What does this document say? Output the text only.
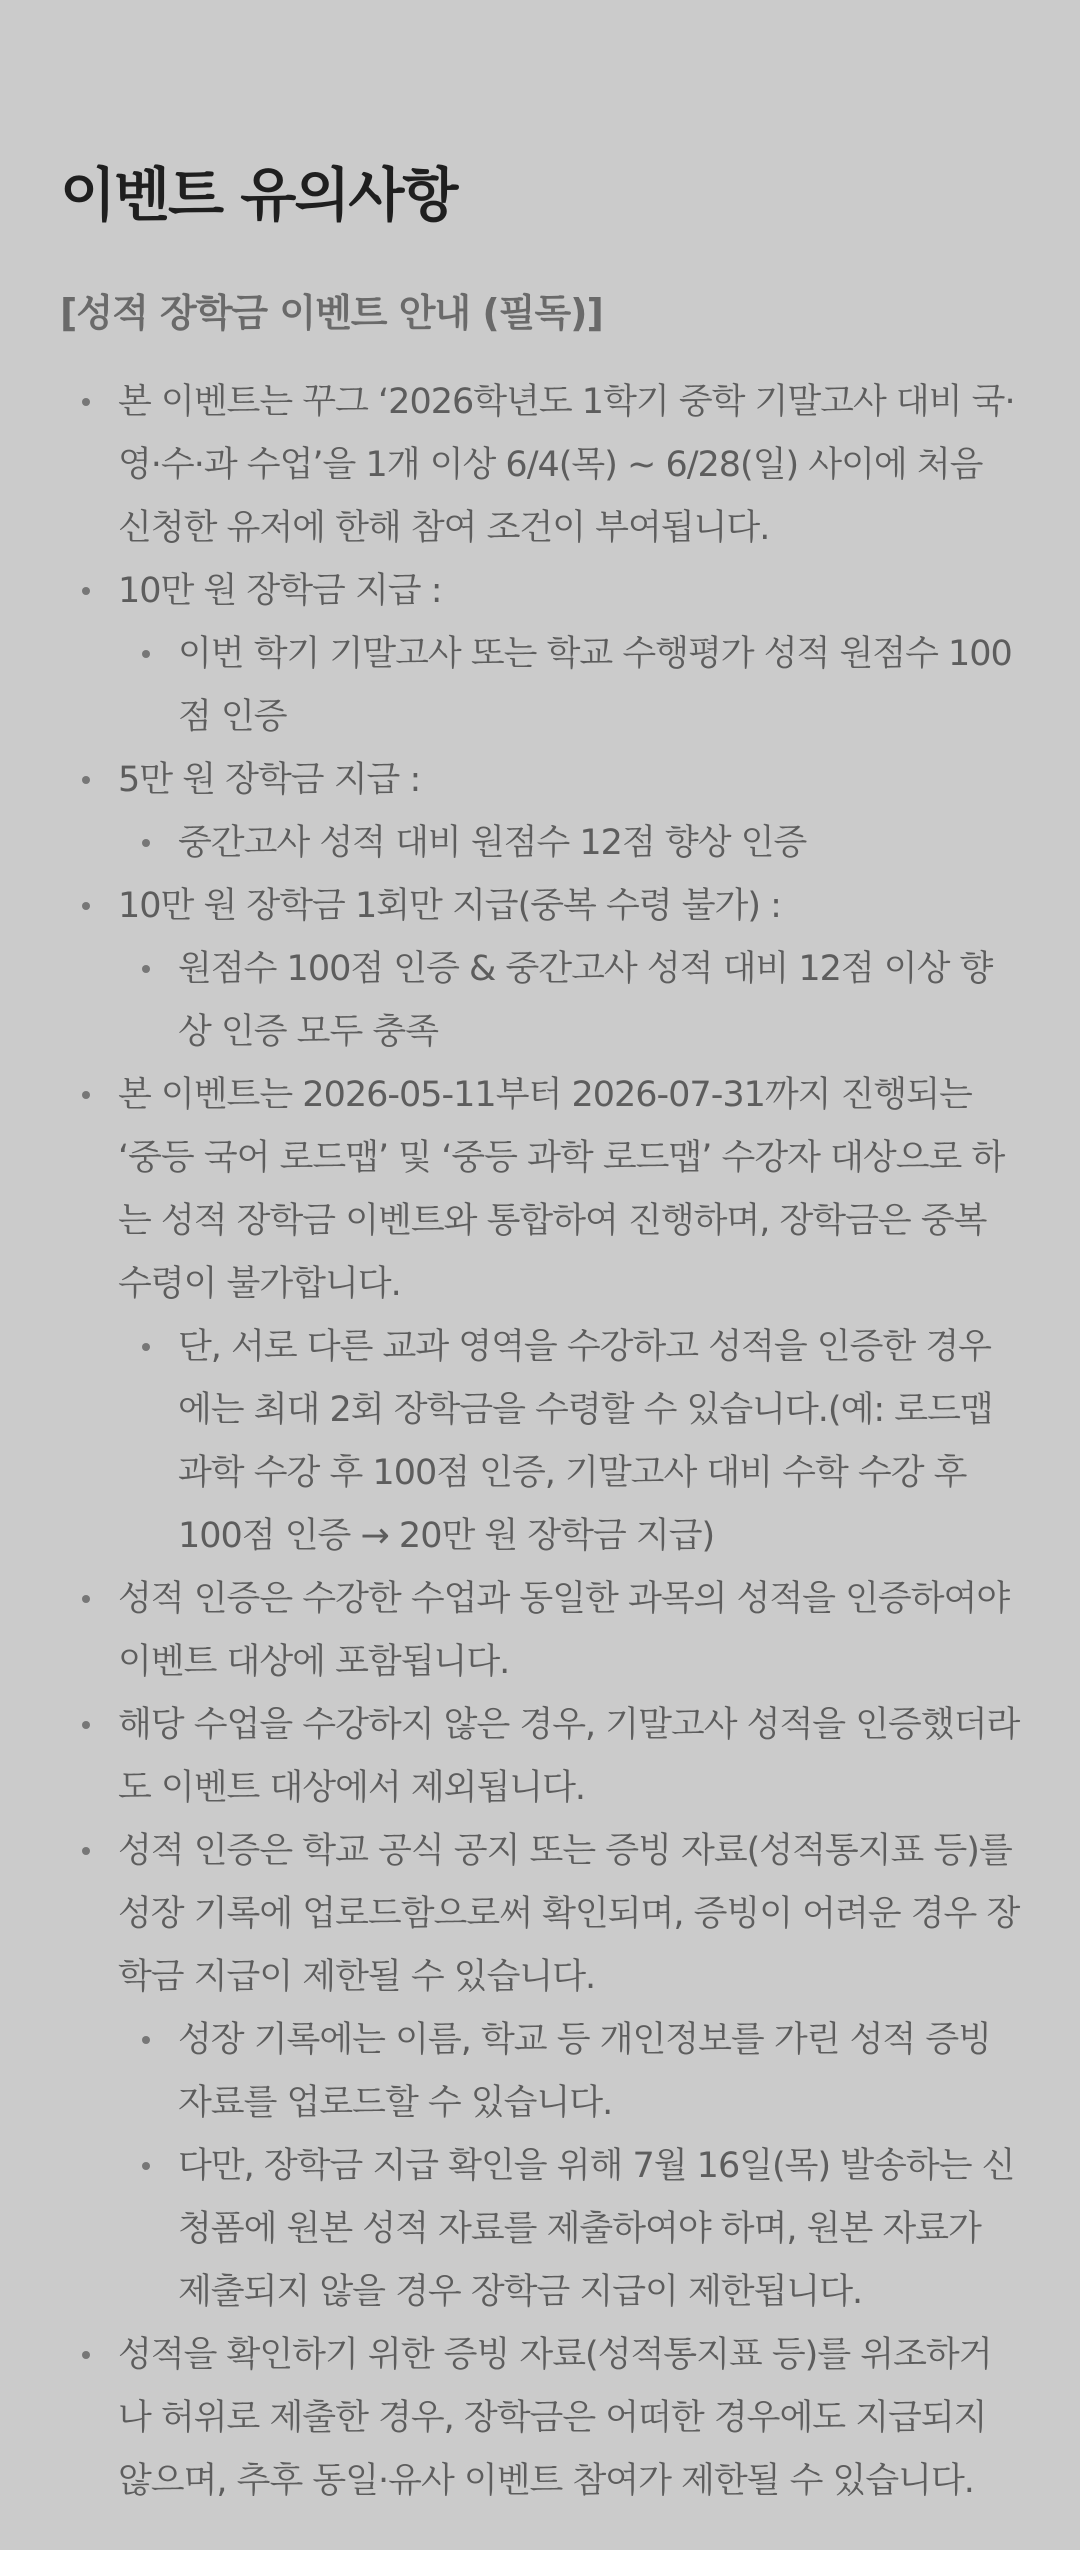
이벤트 유의사항
[성적 장학금 이벤트 안내 (필독)]
본 이벤트는 꾸그 ‘2026학년도 1학기 중학 기말고사 대비 국·영·수·과 수업’을 1개 이상 6/4(목) ~ 6/28(일) 사이에 처음 신청한 유저에 한해 참여 조건이 부여됩니다.
10만 원 장학금 지급 :
이번 학기 기말고사 또는 학교 수행평가 성적 원점수 100점 인증
5만 원 장학금 지급 :
중간고사 성적 대비 원점수 12점 향상 인증
10만 원 장학금 1회만 지급(중복 수령 불가) :
원점수 100점 인증 & 중간고사 성적 대비 12점 이상 향상 인증 모두 충족
본 이벤트는 2026-05-11부터 2026-07-31까지 진행되는 ‘중등 국어 로드맵’ 및 ‘중등 과학 로드맵’ 수강자 대상으로 하는 성적 장학금 이벤트와 통합하여 진행하며, 장학금은 중복 수령이 불가합니다.
단, 서로 다른 교과 영역을 수강하고 성적을 인증한 경우에는 최대 2회 장학금을 수령할 수 있습니다.(예: 로드맵 과학 수강 후 100점 인증, 기말고사 대비 수학 수강 후 100점 인증 → 20만 원 장학금 지급)
성적 인증은 수강한 수업과 동일한 과목의 성적을 인증하여야 이벤트 대상에 포함됩니다.
해당 수업을 수강하지 않은 경우, 기말고사 성적을 인증했더라도 이벤트 대상에서 제외됩니다.
성적 인증은 학교 공식 공지 또는 증빙 자료(성적통지표 등)를 성장 기록에 업로드함으로써 확인되며, 증빙이 어려운 경우 장학금 지급이 제한될 수 있습니다.
성장 기록에는 이름, 학교 등 개인정보를 가린 성적 증빙 자료를 업로드할 수 있습니다.
다만, 장학금 지급 확인을 위해 7월 16일(목) 발송하는 신청폼에 원본 성적 자료를 제출하여야 하며, 원본 자료가 제출되지 않을 경우 장학금 지급이 제한됩니다.
성적을 확인하기 위한 증빙 자료(성적통지표 등)를 위조하거나 허위로 제출한 경우, 장학금은 어떠한 경우에도 지급되지 않으며, 추후 동일·유사 이벤트 참여가 제한될 수 있습니다.
